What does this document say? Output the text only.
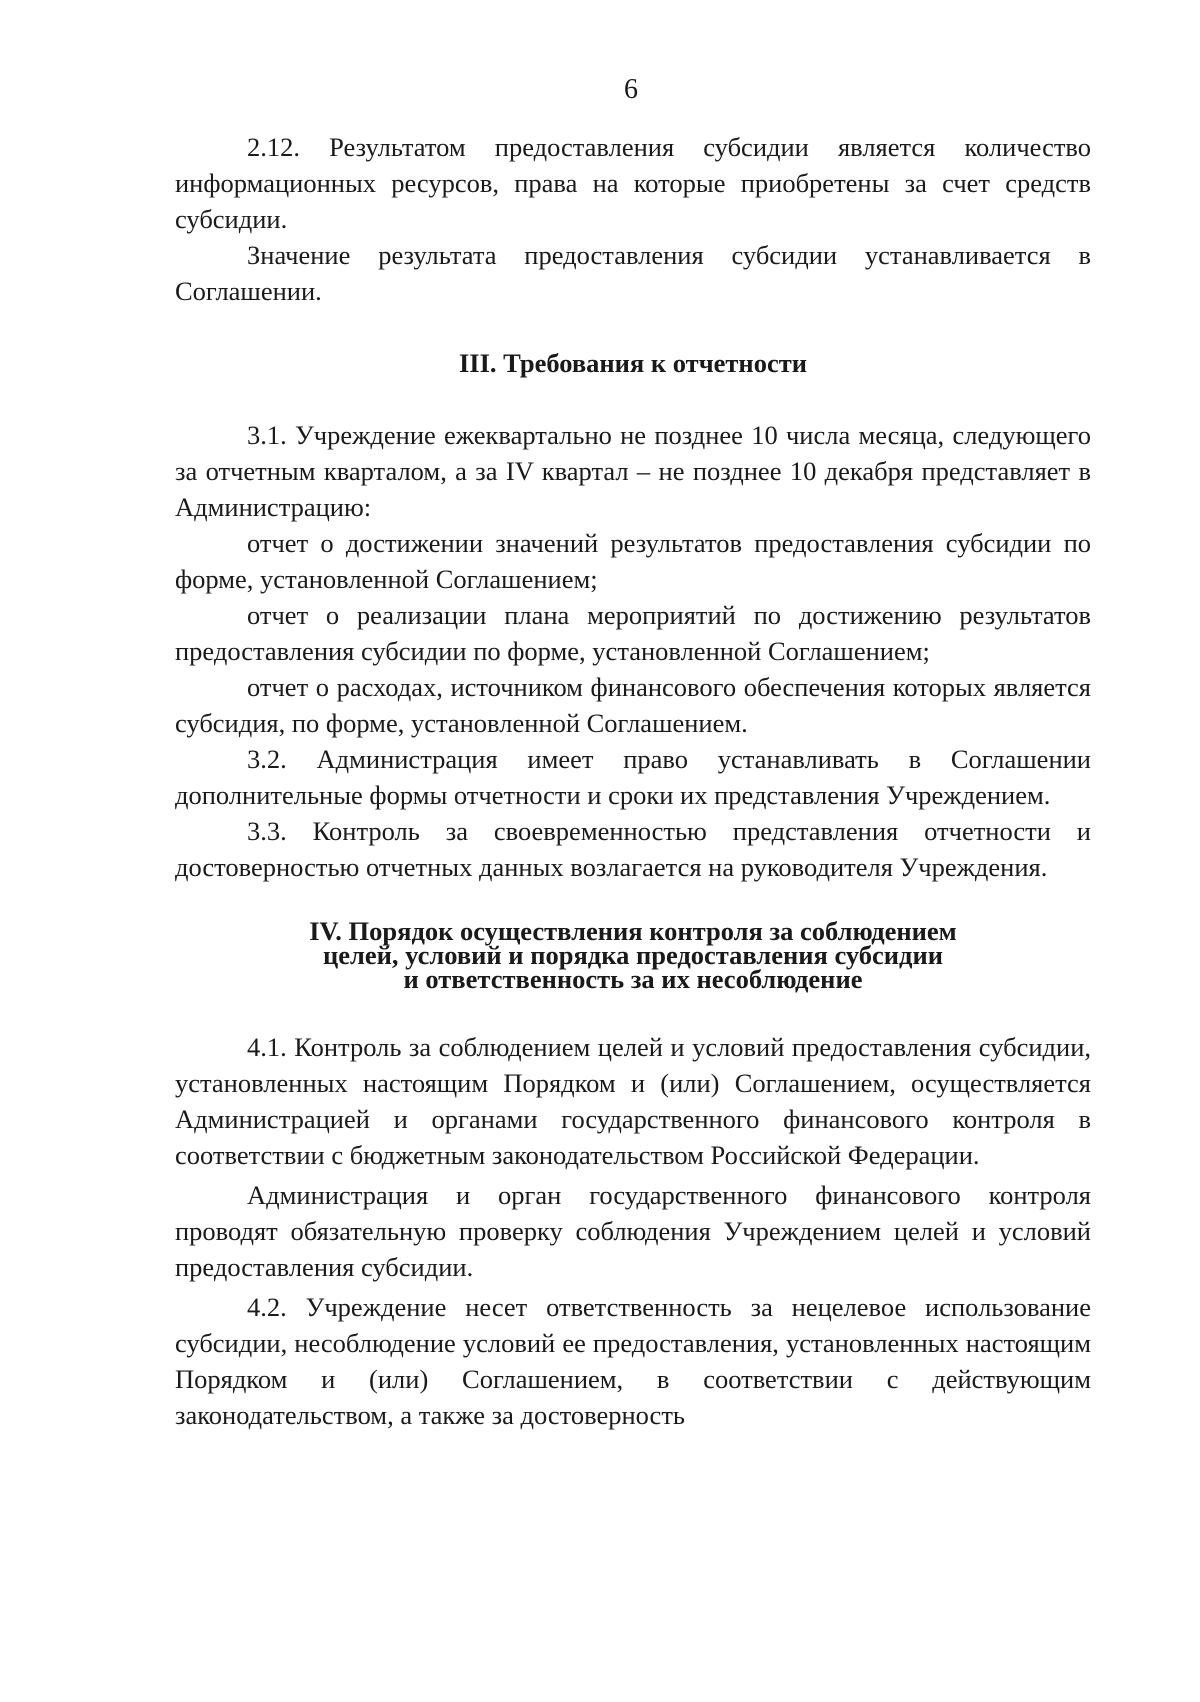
6

2.12. Результатом предоставления субсидии является количество информационных ресурсов, права на которые приобретены за счет средств субсидии.

Значение результата предоставления субсидии устанавливается в Соглашении.

III. Требования к отчетности

3.1. Учреждение ежеквартально не позднее 10 числа месяца, следующего за отчетным кварталом, а за IV квартал – не позднее 10 декабря представляет в Администрацию:

отчет о достижении значений результатов предоставления субсидии по форме, установленной Соглашением;

отчет о реализации плана мероприятий по достижению результатов предоставления субсидии по форме, установленной Соглашением;

отчет о расходах, источником финансового обеспечения которых является субсидия, по форме, установленной Соглашением.

3.2. Администрация имеет право устанавливать в Соглашении дополнительные формы отчетности и сроки их представления Учреждением.

3.3. Контроль за своевременностью представления отчетности и достоверностью отчетных данных возлагается на руководителя Учреждения.

IV. Порядок осуществления контроля за соблюдением
целей, условий и порядка предоставления субсидии
и ответственность за их несоблюдение

4.1. Контроль за соблюдением целей и условий предоставления субсидии, установленных настоящим Порядком и (или) Соглашением, осуществляется Администрацией и органами государственного финансового контроля в соответствии с бюджетным законодательством Российской Федерации.

Администрация и орган государственного финансового контроля проводят обязательную проверку соблюдения Учреждением целей и условий предоставления субсидии.

4.2. Учреждение несет ответственность за нецелевое использование субсидии, несоблюдение условий ее предоставления, установленных настоящим Порядком и (или) Соглашением, в соответствии с действующим законодательством, а также за достоверность
